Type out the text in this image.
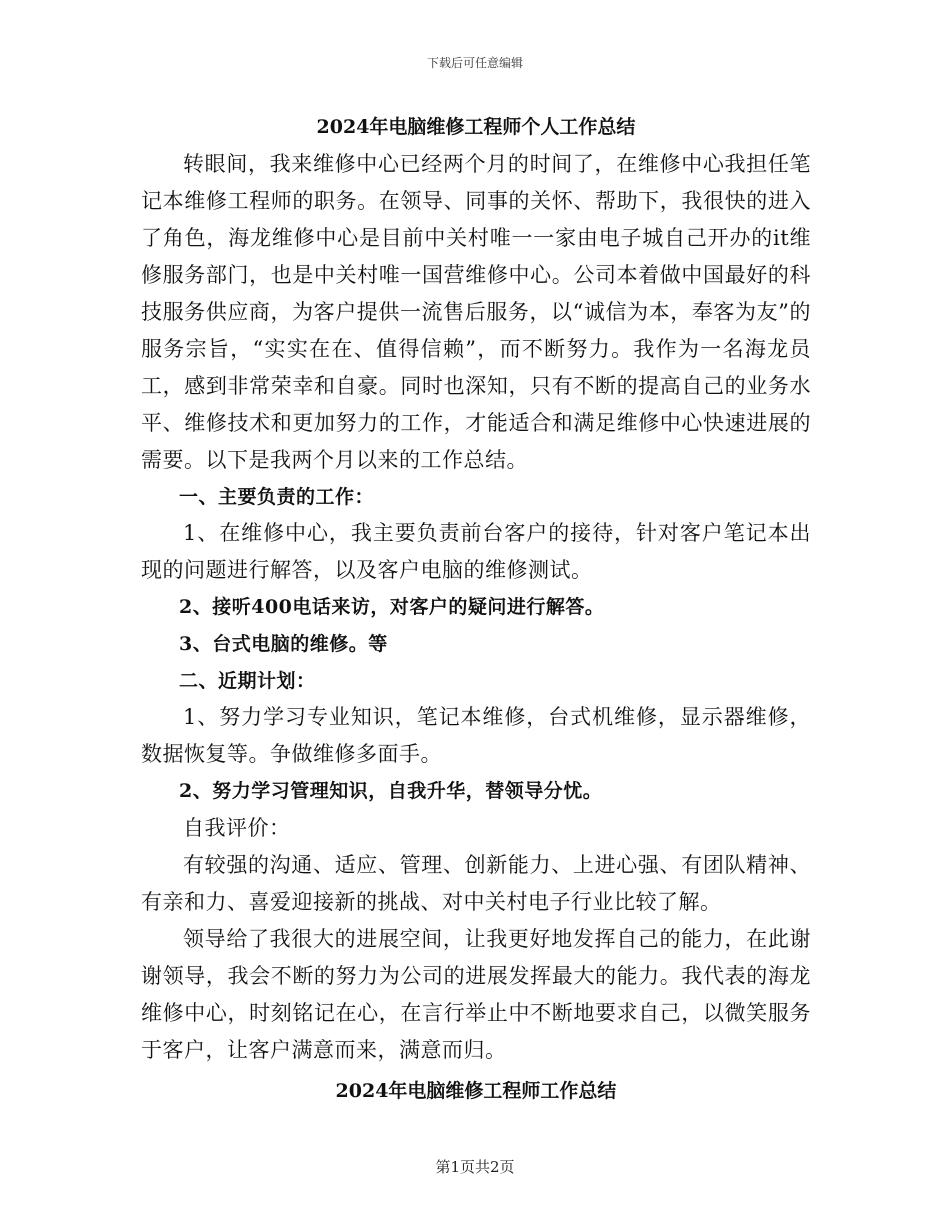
下载后可任意编辑
2024年电脑维修工程师个人工作总结

转眼间，我来维修中心已经两个月的时间了，在维修中心我担任笔记本维修工程师的职务。在领导、同事的关怀、帮助下，我很快的进入了角色，海龙维修中心是目前中关村唯一一家由电子城自己开办的it维修服务部门，也是中关村唯一国营维修中心。公司本着做中国最好的科技服务供应商，为客户提供一流售后服务，以“诚信为本，奉客为友”的服务宗旨，“实实在在、值得信赖”，而不断努力。我作为一名海龙员工，感到非常荣幸和自豪。同时也深知，只有不断的提高自己的业务水平、维修技术和更加努力的工作，才能适合和满足维修中心快速进展的需要。以下是我两个月以来的工作总结。

一、主要负责的工作：

1、在维修中心，我主要负责前台客户的接待，针对客户笔记本出现的问题进行解答，以及客户电脑的维修测试。

2、接听400电话来访，对客户的疑问进行解答。

3、台式电脑的维修。等

二、近期计划：

1、努力学习专业知识，笔记本维修，台式机维修，显示器维修，数据恢复等。争做维修多面手。

2、努力学习管理知识，自我升华，替领导分忧。

自我评价：

有较强的沟通、适应、管理、创新能力、上进心强、有团队精神、有亲和力、喜爱迎接新的挑战、对中关村电子行业比较了解。

领导给了我很大的进展空间，让我更好地发挥自己的能力，在此谢谢领导，我会不断的努力为公司的进展发挥最大的能力。我代表的海龙维修中心，时刻铭记在心，在言行举止中不断地要求自己，以微笑服务于客户，让客户满意而来，满意而归。

2024年电脑维修工程师工作总结
第1页共2页
